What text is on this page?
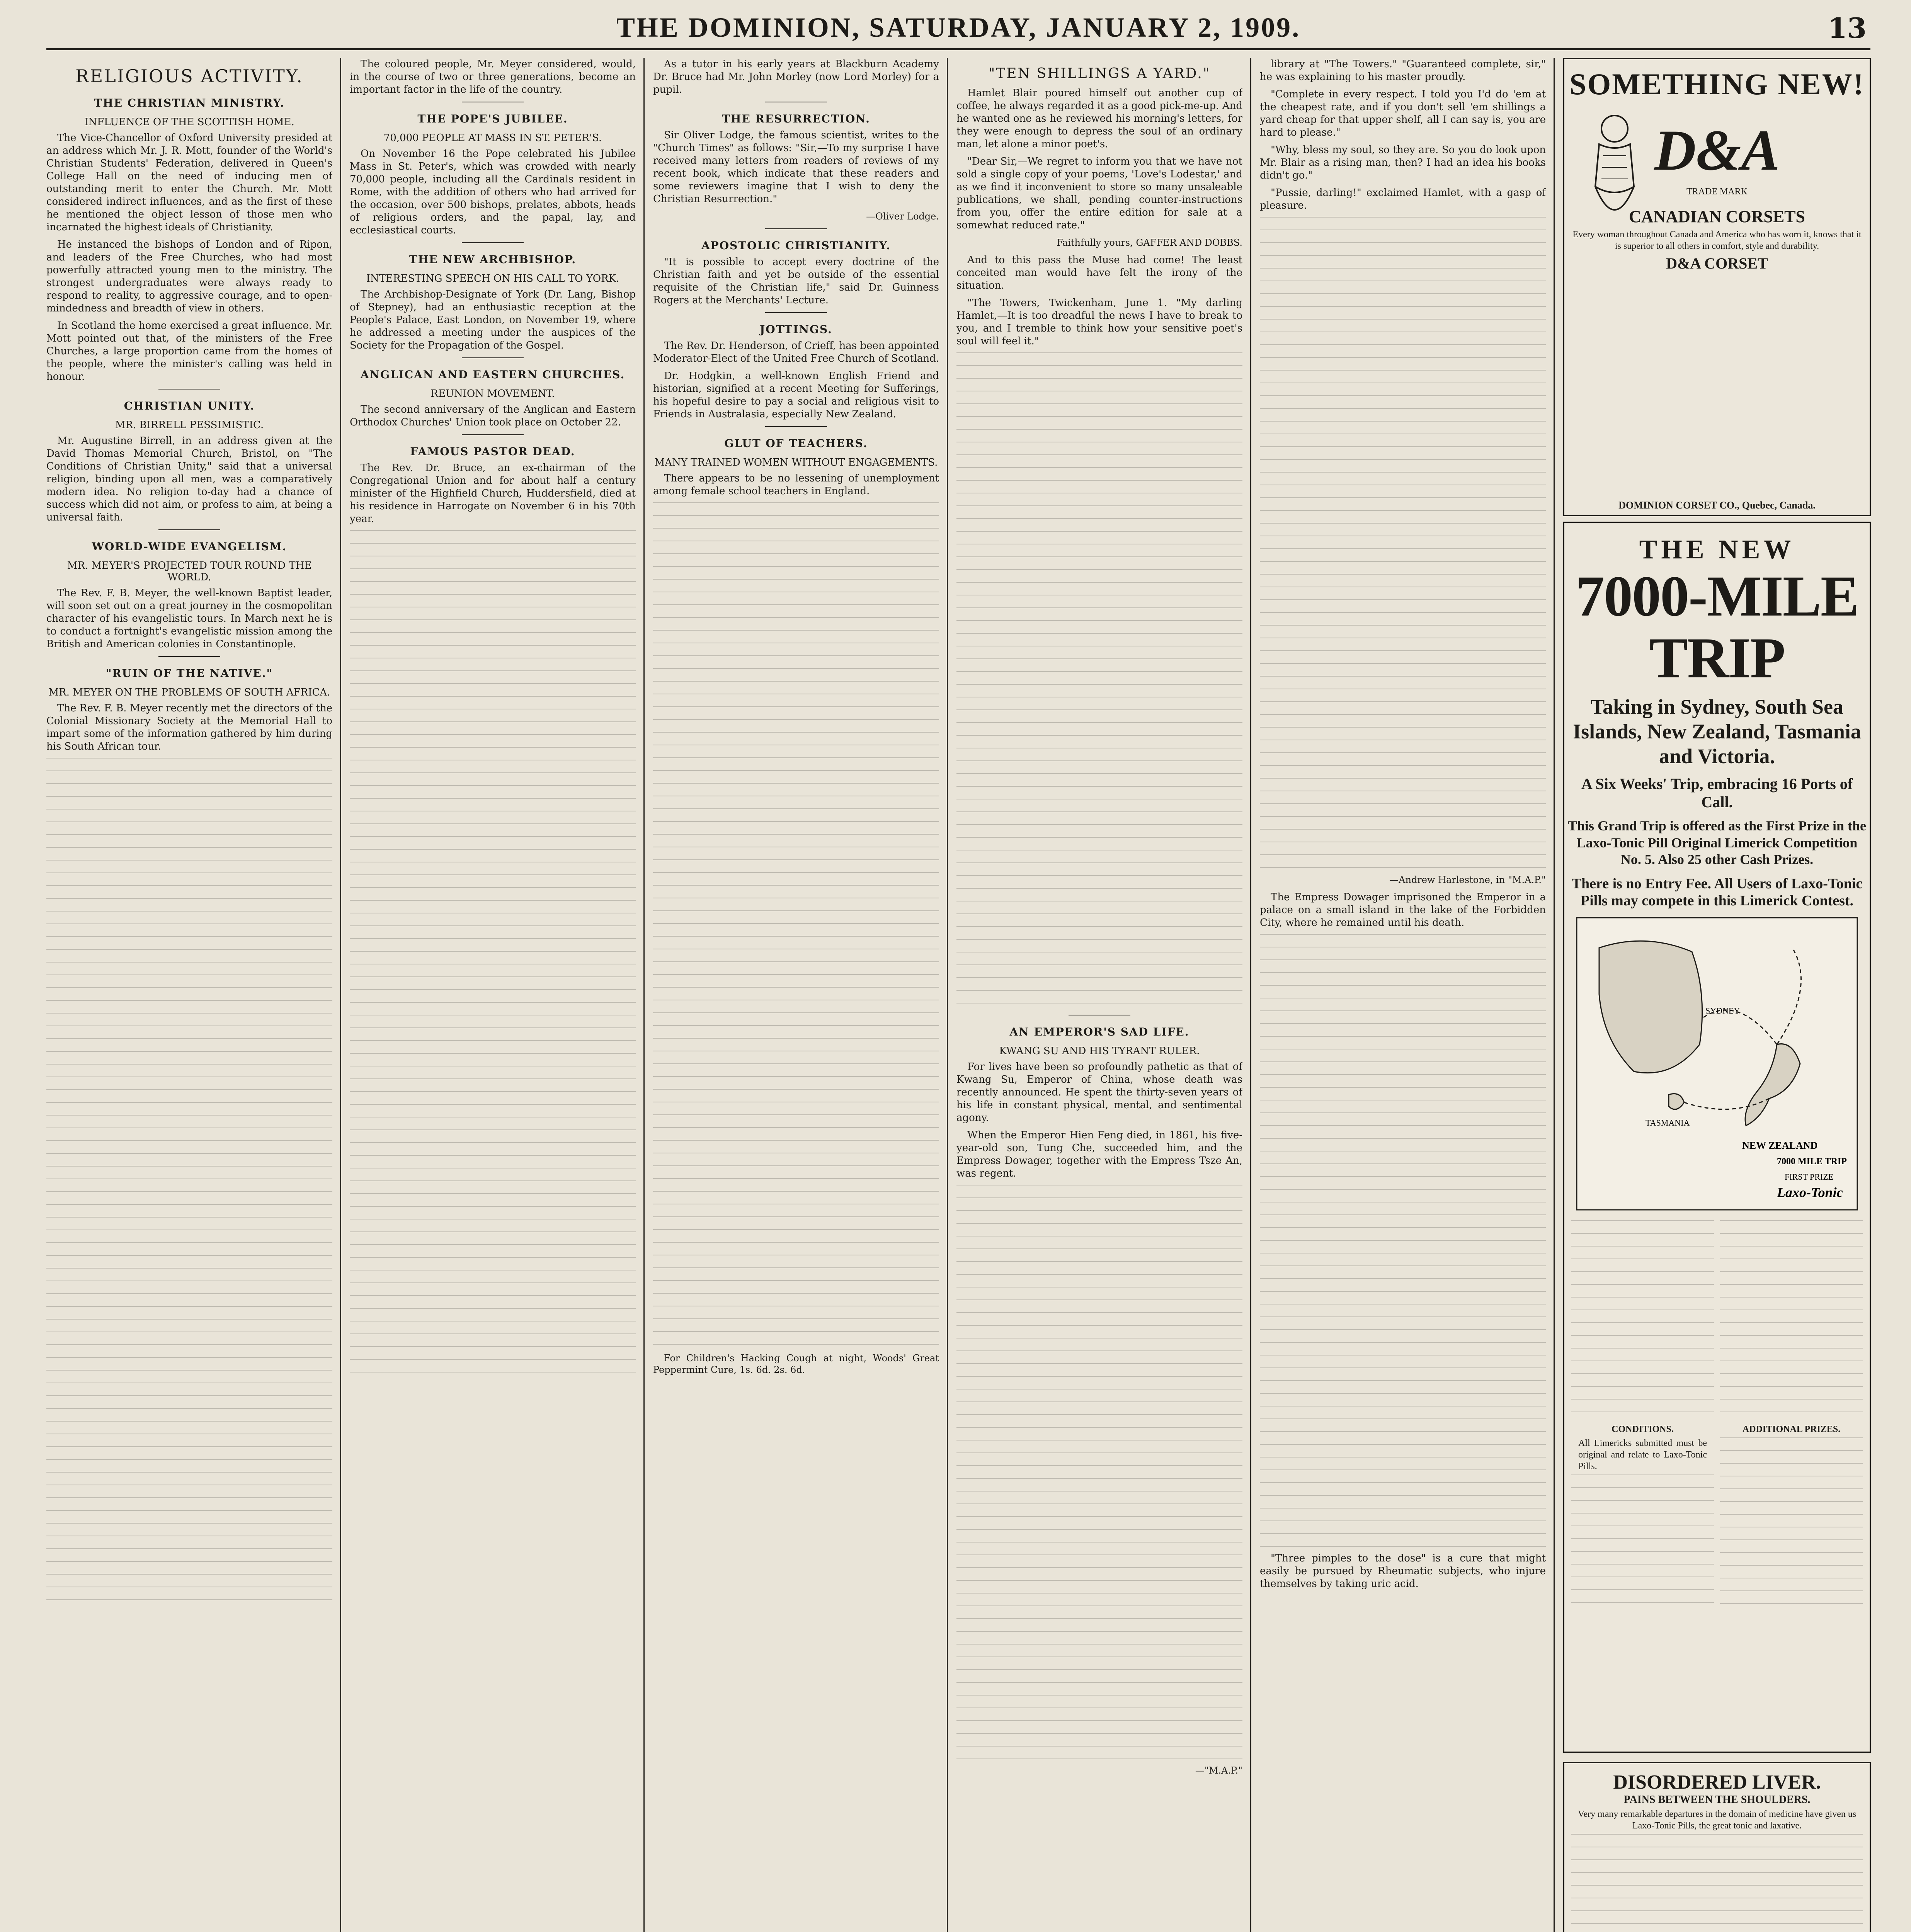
THE DOMINION, SATURDAY, JANUARY 2, 1909.	13
RELIGIOUS ACTIVITY.
THE CHRISTIAN MINISTRY.
INFLUENCE OF THE SCOTTISH HOME.

The Vice-Chancellor of Oxford University presided at an address which Mr. J. R. Mott, founder of the World's Christian Students' Federation, delivered in Queen's College Hall on the need of inducing men of outstanding merit to enter the Church. Mr. Mott considered indirect influences, and as the first of these he mentioned the object lesson of those men who incarnated the highest ideals of Christianity.

He instanced the bishops of London and of Ripon, and leaders of the Free Churches, who had most powerfully attracted young men to the ministry. The strongest undergraduates were always ready to respond to reality, to aggressive courage, and to open-mindedness and breadth of view in others.

In Scotland the home exercised a great influence. Mr. Mott pointed out that, of the ministers of the Free Churches, a large proportion came from the homes of the people, where the minister's calling was held in honour.

CHRISTIAN UNITY.
MR. BIRRELL PESSIMISTIC.

Mr. Augustine Birrell, in an address given at the David Thomas Memorial Church, Bristol, on "The Conditions of Christian Unity," said that a universal religion, binding upon all men, was a comparatively modern idea. No religion to-day had a chance of success which did not aim, or profess to aim, at being a universal faith.

WORLD-WIDE EVANGELISM.
MR. MEYER'S PROJECTED TOUR ROUND THE WORLD.

The Rev. F. B. Meyer, the well-known Baptist leader, will soon set out on a great journey in the cosmopolitan character of his evangelistic tours. In March next he is to conduct a fortnight's evangelistic mission among the British and American colonies in Constantinople.

"RUIN OF THE NATIVE."
MR. MEYER ON THE PROBLEMS OF SOUTH AFRICA.

The Rev. F. B. Meyer recently met the directors of the Colonial Missionary Society at the Memorial Hall to impart some of the information gathered by him during his South African tour.

The coloured people, Mr. Meyer considered, would, in the course of two or three generations, become an important factor in the life of the country.

THE POPE'S JUBILEE.
70,000 PEOPLE AT MASS IN ST. PETER'S.

On November 16 the Pope celebrated his Jubilee Mass in St. Peter's, which was crowded with nearly 70,000 people, including all the Cardinals resident in Rome, with the addition of others who had arrived for the occasion, over 500 bishops, prelates, abbots, heads of religious orders, and the papal, lay, and ecclesiastical courts.

THE NEW ARCHBISHOP.
INTERESTING SPEECH ON HIS CALL TO YORK.

The Archbishop-Designate of York (Dr. Lang, Bishop of Stepney), had an enthusiastic reception at the People's Palace, East London, on November 19, where he addressed a meeting under the auspices of the Society for the Propagation of the Gospel.

ANGLICAN AND EASTERN CHURCHES.
REUNION MOVEMENT.

The second anniversary of the Anglican and Eastern Orthodox Churches' Union took place on October 22.

FAMOUS PASTOR DEAD.

The Rev. Dr. Bruce, an ex-chairman of the Congregational Union and for about half a century minister of the Highfield Church, Huddersfield, died at his residence in Harrogate on November 6 in his 70th year.

As a tutor in his early years at Blackburn Academy Dr. Bruce had Mr. John Morley (now Lord Morley) for a pupil.

THE RESURRECTION.

Sir Oliver Lodge, the famous scientist, writes to the "Church Times" as follows: "Sir,—To my surprise I have received many letters from readers of reviews of my recent book, which indicate that these readers and some reviewers imagine that I wish to deny the Christian Resurrection."

—Oliver Lodge.

APOSTOLIC CHRISTIANITY.

"It is possible to accept every doctrine of the Christian faith and yet be outside of the essential requisite of the Christian life," said Dr. Guinness Rogers at the Merchants' Lecture.

JOTTINGS.

The Rev. Dr. Henderson, of Crieff, has been appointed Moderator-Elect of the United Free Church of Scotland.

Dr. Hodgkin, a well-known English Friend and historian, signified at a recent Meeting for Sufferings, his hopeful desire to pay a social and religious visit to Friends in Australasia, especially New Zealand.

GLUT OF TEACHERS.
MANY TRAINED WOMEN WITHOUT ENGAGEMENTS.

There appears to be no lessening of unemployment among female school teachers in England.

For Children's Hacking Cough at night, Woods' Great Peppermint Cure, 1s. 6d. 2s. 6d.

"TEN SHILLINGS A YARD."

Hamlet Blair poured himself out another cup of coffee, he always regarded it as a good pick-me-up. And he wanted one as he reviewed his morning's letters, for they were enough to depress the soul of an ordinary man, let alone a minor poet's.

"Dear Sir,—We regret to inform you that we have not sold a single copy of your poems, 'Love's Lodestar,' and as we find it inconvenient to store so many unsaleable publications, we shall, pending counter-instructions from you, offer the entire edition for sale at a somewhat reduced rate."

Faithfully yours, GAFFER AND DOBBS.

And to this pass the Muse had come! The least conceited man would have felt the irony of the situation.

"The Towers, Twickenham, June 1. "My darling Hamlet,—It is too dreadful the news I have to break to you, and I tremble to think how your sensitive poet's soul will feel it."

AN EMPEROR'S SAD LIFE.
KWANG SU AND HIS TYRANT RULER.

For lives have been so profoundly pathetic as that of Kwang Su, Emperor of China, whose death was recently announced. He spent the thirty-seven years of his life in constant physical, mental, and sentimental agony.

When the Emperor Hien Feng died, in 1861, his five-year-old son, Tung Che, succeeded him, and the Empress Dowager, together with the Empress Tsze An, was regent.

—"M.A.P."

library at "The Towers." "Guaranteed complete, sir," he was explaining to his master proudly.

"Complete in every respect. I told you I'd do 'em at the cheapest rate, and if you don't sell 'em shillings a yard cheap for that upper shelf, all I can say is, you are hard to please."

"Why, bless my soul, so they are. So you do look upon Mr. Blair as a rising man, then? I had an idea his books didn't go."

"Pussie, darling!" exclaimed Hamlet, with a gasp of pleasure.

—Andrew Harlestone, in "M.A.P."

The Empress Dowager imprisoned the Emperor in a palace on a small island in the lake of the Forbidden City, where he remained until his death.

"Three pimples to the dose" is a cure that might easily be pursued by Rheumatic subjects, who injure themselves by taking uric acid.

SOMETHING NEW!
D&A

TRADE MARK

CANADIAN CORSETS

Every woman throughout Canada and America who has worn it, knows that it is superior to all others in comfort, style and durability.

D&A CORSET
DOMINION CORSET CO., Quebec, Canada.
THE NEW
7000-MILE TRIP
Taking in Sydney, South Sea Islands, New Zealand, Tasmania and Victoria.
A Six Weeks' Trip, embracing 16 Ports of Call.
This Grand Trip is offered as the First Prize in the Laxo-Tonic Pill Original Limerick Competition
No. 5. Also 25 other Cash Prizes.
There is no Entry Fee. All Users of Laxo-Tonic Pills may compete in this Limerick Contest.
SYDNEY
NEW ZEALAND
TASMANIA
7000 MILE TRIP
FIRST PRIZE
Laxo-Tonic

CONDITIONS.

All Limericks submitted must be original and relate to Laxo-Tonic Pills.

ADDITIONAL PRIZES.

DISORDERED LIVER.
PAINS BETWEEN THE SHOULDERS.

Very many remarkable departures in the domain of medicine have given us Laxo-Tonic Pills, the great tonic and laxative.
